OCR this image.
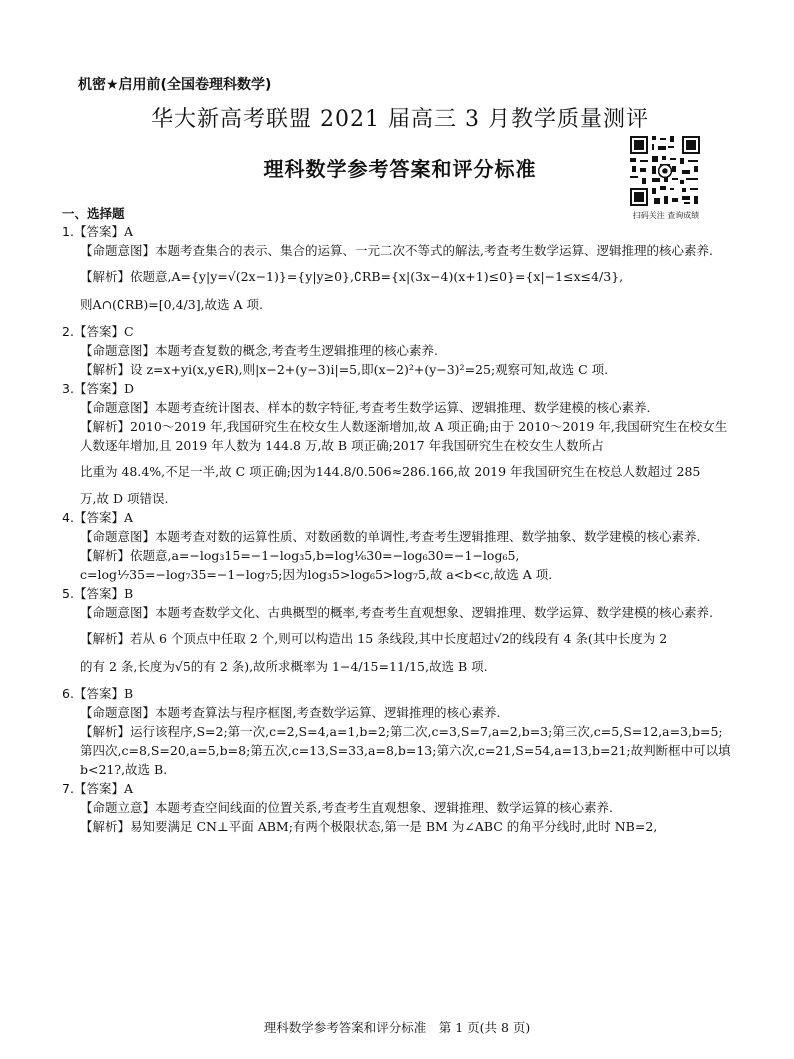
机密★启用前(全国卷理科数学)
华大新高考联盟 2021 届高三 3 月教学质量测评
理科数学参考答案和评分标准
扫码关注 查询成绩
一、选择题

1.【答案】A

【命题意图】本题考查集合的表示、集合的运算、一元二次不等式的解法,考查考生数学运算、逻辑推理的核心素养.

【解析】依题意,A={y|y=√(2x−1)}={y|y≥0},∁RB={x|(3x−4)(x+1)≤0}={x|−1≤x≤4/3},

则A∩(∁RB)=[0,4/3],故选 A 项.

2.【答案】C

【命题意图】本题考查复数的概念,考查考生逻辑推理的核心素养.

【解析】设 z=x+yi(x,y∈R),则|x−2+(y−3)i|=5,即(x−2)²+(y−3)²=25;观察可知,故选 C 项.

3.【答案】D

【命题意图】本题考查统计图表、样本的数字特征,考查考生数学运算、逻辑推理、数学建模的核心素养.

【解析】2010～2019 年,我国研究生在校女生人数逐渐增加,故 A 项正确;由于 2010～2019 年,我国研究生在校女生人数逐年增加,且 2019 年人数为 144.8 万,故 B 项正确;2017 年我国研究生在校女生人数所占

比重为 48.4%,不足一半,故 C 项正确;因为144.8/0.506≈286.166,故 2019 年我国研究生在校总人数超过 285

万,故 D 项错误.

4.【答案】A

【命题意图】本题考查对数的运算性质、对数函数的单调性,考查考生逻辑推理、数学抽象、数学建模的核心素养.

【解析】依题意,a=−log₃15=−1−log₃5,b=log⅙30=−log₆30=−1−log₆5,

c=log⅐35=−log₇35=−1−log₇5;因为log₃5>log₆5>log₇5,故 a<b<c,故选 A 项.

5.【答案】B

【命题意图】本题考查数学文化、古典概型的概率,考查考生直观想象、逻辑推理、数学运算、数学建模的核心素养.

【解析】若从 6 个顶点中任取 2 个,则可以构造出 15 条线段,其中长度超过√2的线段有 4 条(其中长度为 2

的有 2 条,长度为√5的有 2 条),故所求概率为 1−4/15=11/15,故选 B 项.

6.【答案】B

【命题意图】本题考查算法与程序框图,考查数学运算、逻辑推理的核心素养.

【解析】运行该程序,S=2;第一次,c=2,S=4,a=1,b=2;第二次,c=3,S=7,a=2,b=3;第三次,c=5,S=12,a=3,b=5;第四次,c=8,S=20,a=5,b=8;第五次,c=13,S=33,a=8,b=13;第六次,c=21,S=54,a=13,b=21;故判断框中可以填 b<21?,故选 B.

7.【答案】A

【命题立意】本题考查空间线面的位置关系,考查考生直观想象、逻辑推理、数学运算的核心素养.

【解析】易知要满足 CN⊥平面 ABM;有两个极限状态,第一是 BM 为∠ABC 的角平分线时,此时 NB=2,

理科数学参考答案和评分标准　第 1 页(共 8 页)
